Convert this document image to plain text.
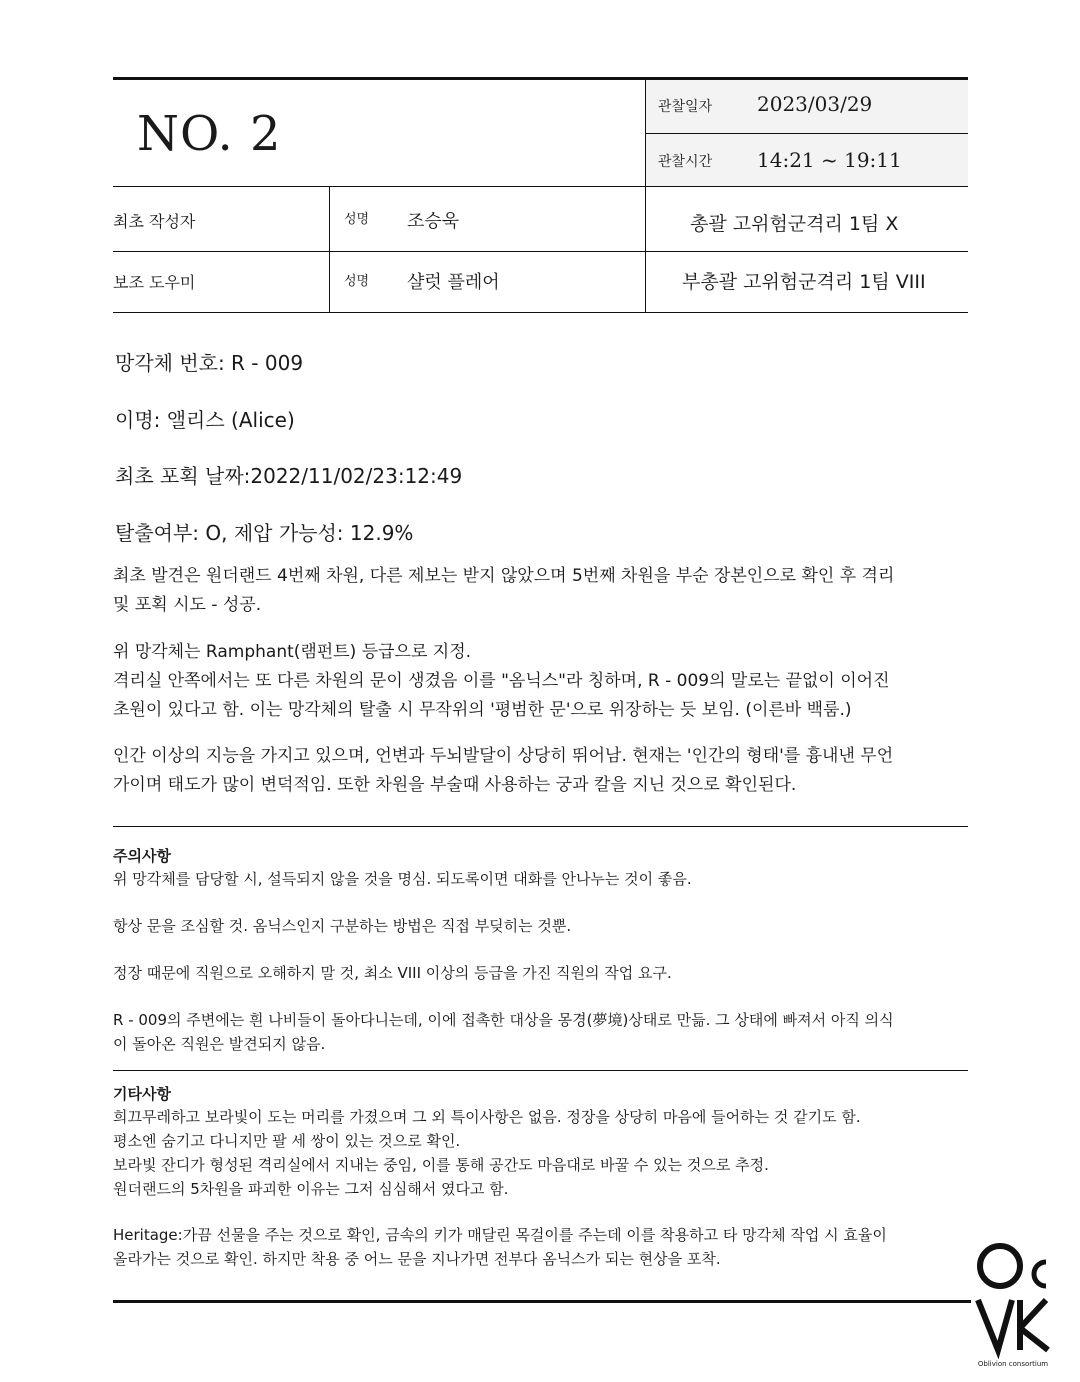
NO. 2	관찰일자 2023/03/29
관찰시간 14:21 ~ 19:11
최초 작성자	성명 조승욱	총괄 고위험군격리 1팀 X
보조 도우미	성명 샬럿 플레어	부총괄 고위험군격리 1팀 VIII
망각체 번호: R - 009
이명: 앨리스 (Alice)
최초 포획 날짜:2022/11/02/23:12:49
탈출여부: O, 제압 가능성: 12.9%
최초 발견은 원더랜드 4번째 차원, 다른 제보는 받지 않았으며 5번째 차원을 부순 장본인으로 확인 후 격리
및 포획 시도 - 성공.
위 망각체는 Ramphant(램펀트) 등급으로 지정.
격리실 안쪽에서는 또 다른 차원의 문이 생겼음 이를 "옴닉스"라 칭하며, R - 009의 말로는 끝없이 이어진
초원이 있다고 함. 이는 망각체의 탈출 시 무작위의 '평범한 문'으로 위장하는 듯 보임. (이른바 백룸.)
인간 이상의 지능을 가지고 있으며, 언변과 두뇌발달이 상당히 뛰어남. 현재는 '인간의 형태'를 흉내낸 무언
가이며 태도가 많이 변덕적임. 또한 차원을 부술때 사용하는 궁과 칼을 지닌 것으로 확인된다.
주의사항
위 망각체를 담당할 시, 설득되지 않을 것을 명심. 되도록이면 대화를 안나누는 것이 좋음.
항상 문을 조심할 것. 옴닉스인지 구분하는 방법은 직접 부딪히는 것뿐.
정장 때문에 직원으로 오해하지 말 것, 최소 VIII 이상의 등급을 가진 직원의 작업 요구.
R - 009의 주변에는 흰 나비들이 돌아다니는데, 이에 접촉한 대상을 몽경(夢境)상태로 만듦. 그 상태에 빠져서 아직 의식
이 돌아온 직원은 발견되지 않음.
기타사항
희끄무레하고 보라빛이 도는 머리를 가졌으며 그 외 특이사항은 없음. 정장을 상당히 마음에 들어하는 것 같기도 함.
평소엔 숨기고 다니지만 팔 세 쌍이 있는 것으로 확인.
보라빛 잔디가 형성된 격리실에서 지내는 중임, 이를 통해 공간도 마음대로 바꿀 수 있는 것으로 추정.
원더랜드의 5차원을 파괴한 이유는 그저 심심해서 였다고 함.
Heritage:가끔 선물을 주는 것으로 확인, 금속의 키가 매달린 목걸이를 주는데 이를 착용하고 타 망각체 작업 시 효율이
올라가는 것으로 확인. 하지만 착용 중 어느 문을 지나가면 전부다 옴닉스가 되는 현상을 포착.
Oblivion consortium
